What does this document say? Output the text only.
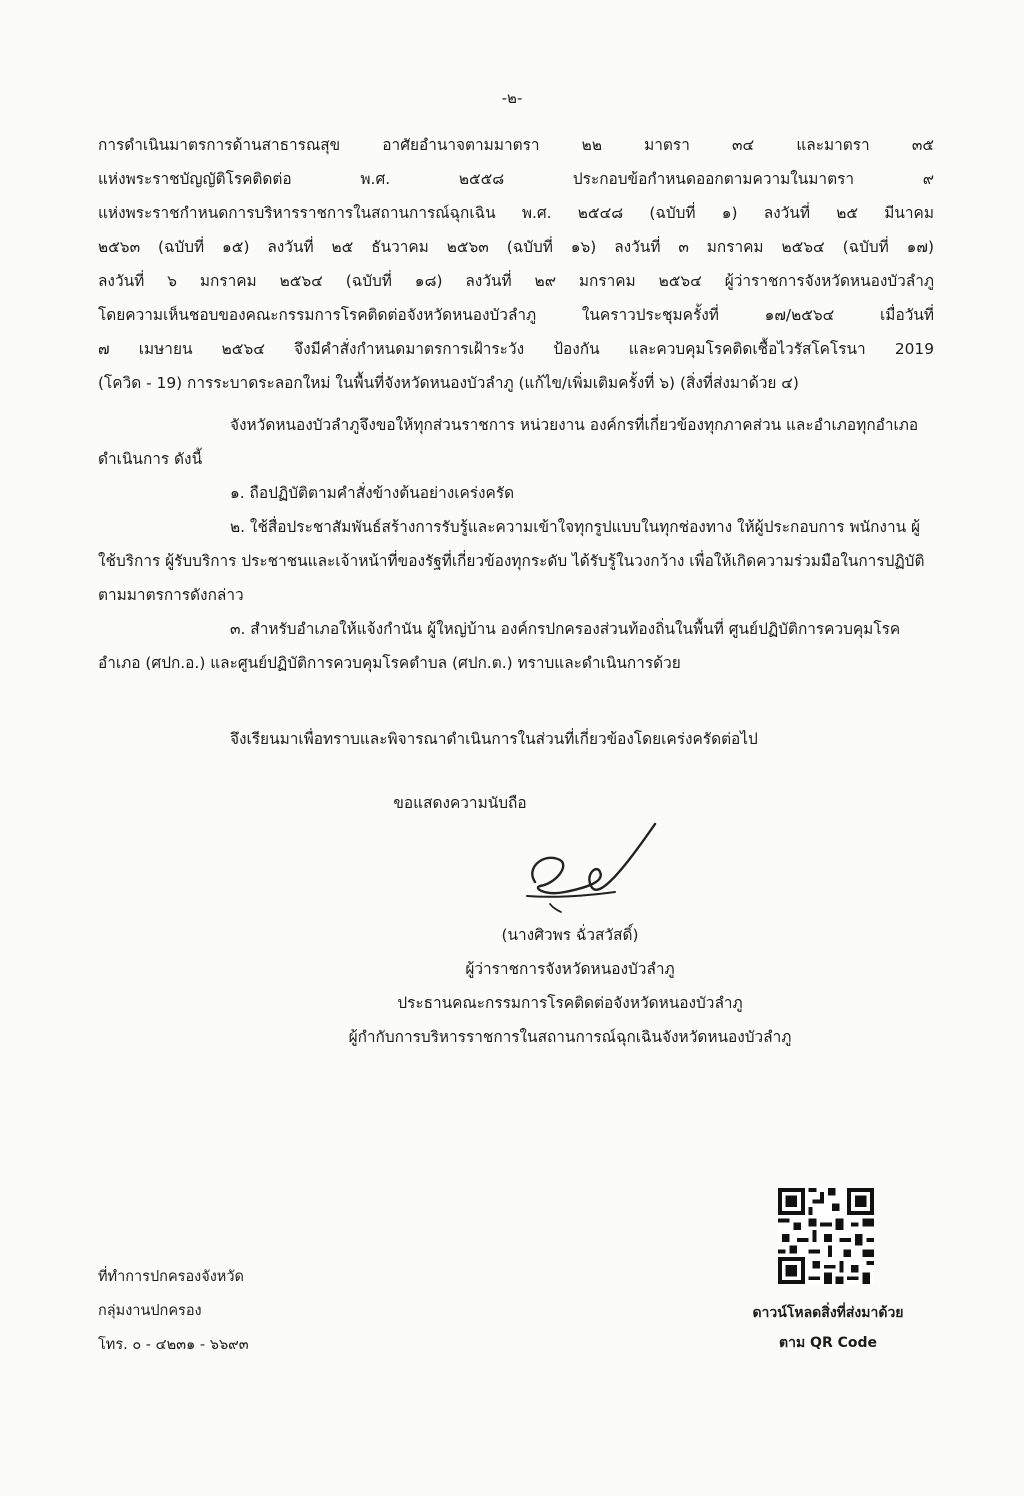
-๒-
การดำเนินมาตรการด้านสาธารณสุข อาศัยอำนาจตามมาตรา ๒๒ มาตรา ๓๔ และมาตรา ๓๕
แห่งพระราชบัญญัติโรคติดต่อ พ.ศ. ๒๕๕๘ ประกอบข้อกำหนดออกตามความในมาตรา ๙
แห่งพระราชกำหนดการบริหารราชการในสถานการณ์ฉุกเฉิน พ.ศ. ๒๕๔๘ (ฉบับที่ ๑) ลงวันที่ ๒๕ มีนาคม
๒๕๖๓ (ฉบับที่ ๑๕) ลงวันที่ ๒๕ ธันวาคม ๒๕๖๓ (ฉบับที่ ๑๖) ลงวันที่ ๓ มกราคม ๒๕๖๔ (ฉบับที่ ๑๗)
ลงวันที่ ๖ มกราคม ๒๕๖๔ (ฉบับที่ ๑๘) ลงวันที่ ๒๙ มกราคม ๒๕๖๔ ผู้ว่าราชการจังหวัดหนองบัวลำภู
โดยความเห็นชอบของคณะกรรมการโรคติดต่อจังหวัดหนองบัวลำภู ในคราวประชุมครั้งที่ ๑๗/๒๕๖๔ เมื่อวันที่
๗ เมษายน ๒๕๖๔ จึงมีคำสั่งกำหนดมาตรการเฝ้าระวัง ป้องกัน และควบคุมโรคติดเชื้อไวรัสโคโรนา 2019
(โควิด - 19) การระบาดระลอกใหม่ ในพื้นที่จังหวัดหนองบัวลำภู (แก้ไข/เพิ่มเติมครั้งที่ ๖) (สิ่งที่ส่งมาด้วย ๔)
จังหวัดหนองบัวลำภูจึงขอให้ทุกส่วนราชการ หน่วยงาน องค์กรที่เกี่ยวข้องทุกภาคส่วน และอำเภอทุกอำเภอ ดำเนินการ ดังนี้
๑. ถือปฏิบัติตามคำสั่งข้างต้นอย่างเคร่งครัด
๒. ใช้สื่อประชาสัมพันธ์สร้างการรับรู้และความเข้าใจทุกรูปแบบในทุกช่องทาง ให้ผู้ประกอบการ พนักงาน ผู้ใช้บริการ ผู้รับบริการ ประชาชนและเจ้าหน้าที่ของรัฐที่เกี่ยวข้องทุกระดับ ได้รับรู้ในวงกว้าง เพื่อให้เกิดความร่วมมือในการปฏิบัติตามมาตรการดังกล่าว
๓. สำหรับอำเภอให้แจ้งกำนัน ผู้ใหญ่บ้าน องค์กรปกครองส่วนท้องถิ่นในพื้นที่ ศูนย์ปฏิบัติการควบคุมโรคอำเภอ (ศปก.อ.) และศูนย์ปฏิบัติการควบคุมโรคตำบล (ศปก.ต.) ทราบและดำเนินการด้วย
จึงเรียนมาเพื่อทราบและพิจารณาดำเนินการในส่วนที่เกี่ยวข้องโดยเคร่งครัดต่อไป
ขอแสดงความนับถือ
(นางศิวพร ฉั่วสวัสดิ์)
ผู้ว่าราชการจังหวัดหนองบัวลำภู
ประธานคณะกรรมการโรคติดต่อจังหวัดหนองบัวลำภู
ผู้กำกับการบริหารราชการในสถานการณ์ฉุกเฉินจังหวัดหนองบัวลำภู
ดาวน์โหลดสิ่งที่ส่งมาด้วย
ตาม QR Code
ที่ทำการปกครองจังหวัด
กลุ่มงานปกครอง
โทร. ๐ - ๔๒๓๑ - ๖๖๙๓
